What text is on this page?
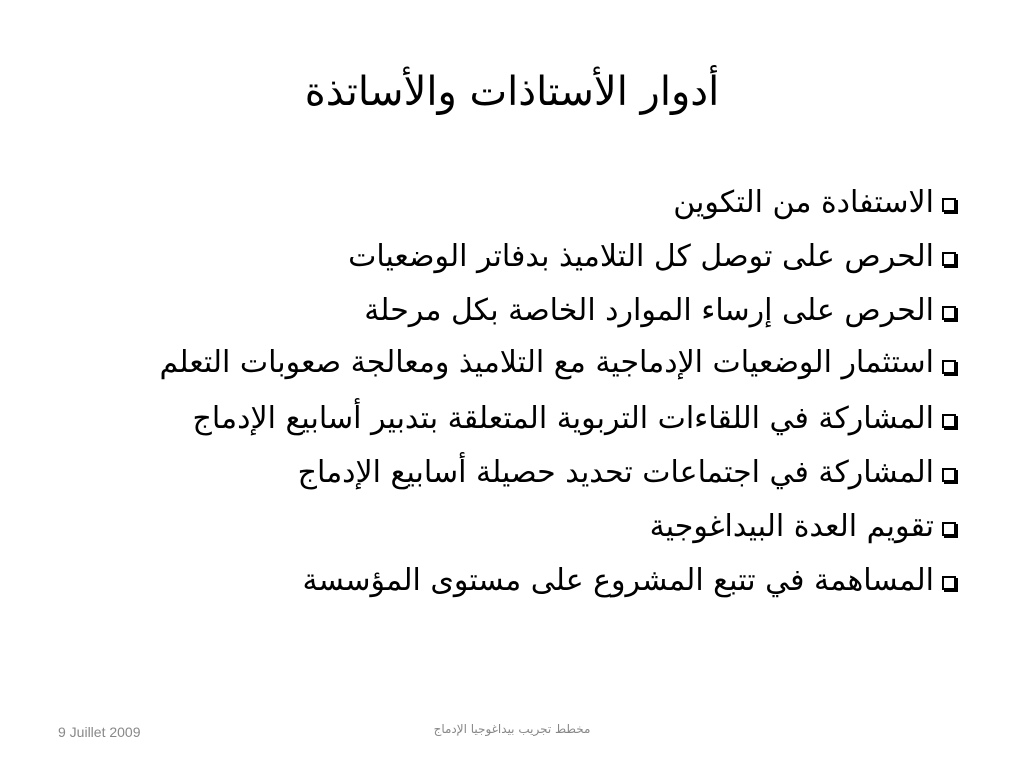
أدوار الأستاذات والأساتذة
الاستفادة من التكوين
الحرص على توصل كل التلاميذ بدفاتر الوضعيات
الحرص على إرساء الموارد الخاصة بكل مرحلة
استثمار الوضعيات الإدماجية مع التلاميذ ومعالجة صعوبات التعلم
المشاركة في اللقاءات التربوية المتعلقة بتدبير أسابيع الإدماج
المشاركة في اجتماعات تحديد حصيلة أسابيع الإدماج
تقويم العدة البيداغوجية
المساهمة في تتبع المشروع على مستوى المؤسسة
9 Juillet 2009	مخطط تجريب بيداغوجيا الإدماج
